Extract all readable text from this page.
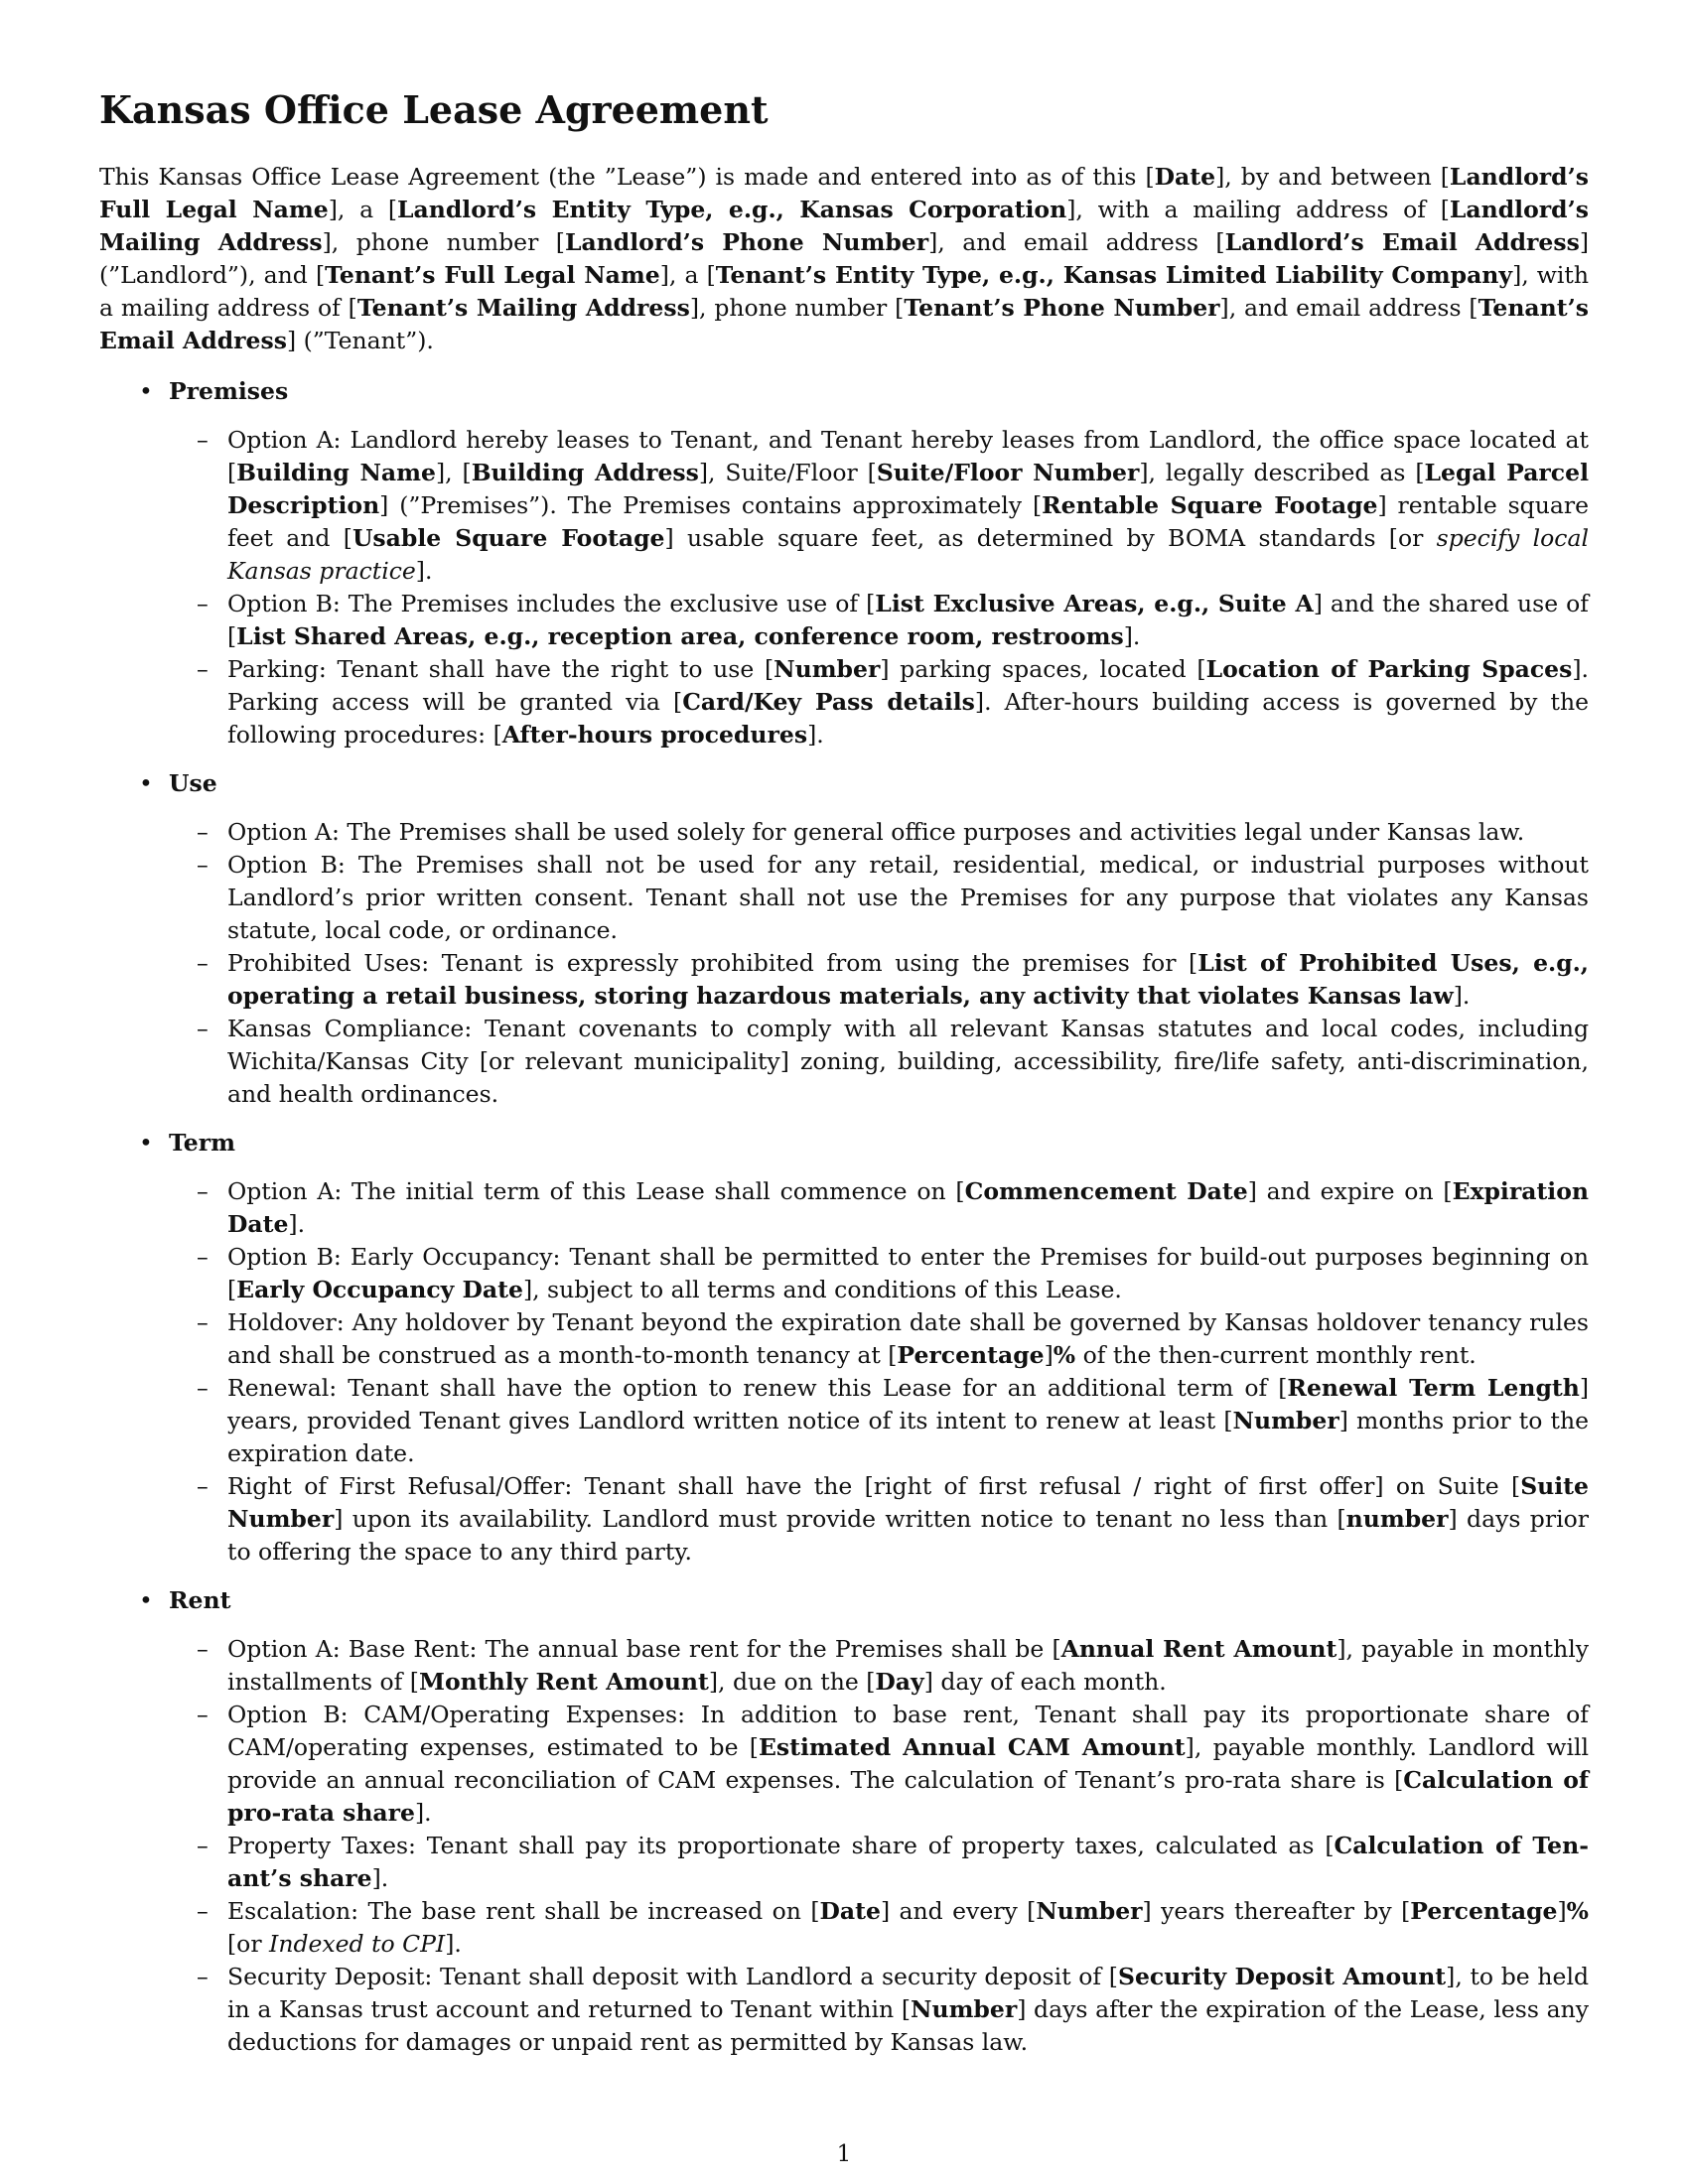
Kansas Office Lease Agreement

This Kansas Office Lease Agreement (the ”Lease”) is made and entered into as of this [Date], by and between [Landlord’s Full Legal Name], a [Landlord’s Entity Type, e.g., Kansas Corporation], with a mailing address of [Landlord’s Mailing Address], phone number [Landlord’s Phone Number], and email address [Landlord’s Email Address] (”Landlord”), and [Tenant’s Full Legal Name], a [Tenant’s Entity Type, e.g., Kansas Limited Liability Company], with a mailing address of [Tenant’s Mailing Address], phone number [Tenant’s Phone Number], and email address [Tenant’s Email Address] (”Tenant”).

• Premises
– Option A: Landlord hereby leases to Tenant, and Tenant hereby leases from Landlord, the office space located at [Building Name], [Building Address], Suite/Floor [Suite/Floor Number], legally described as [Legal Parcel Description] (”Premises”). The Premises contains approximately [Rentable Square Footage] rentable square feet and [Usable Square Footage] usable square feet, as determined by BOMA standards [or specify local Kansas practice].
– Option B: The Premises includes the exclusive use of [List Exclusive Areas, e.g., Suite A] and the shared use of [List Shared Areas, e.g., reception area, conference room, restrooms].
– Parking: Tenant shall have the right to use [Number] parking spaces, located [Location of Parking Spaces]. Parking access will be granted via [Card/Key Pass details]. After-hours building access is governed by the following procedures: [After-hours procedures].
• Use
– Option A: The Premises shall be used solely for general office purposes and activities legal under Kansas law.
– Option B: The Premises shall not be used for any retail, residential, medical, or industrial purposes without Landlord’s prior written consent. Tenant shall not use the Premises for any purpose that violates any Kansas statute, local code, or ordinance.
– Prohibited Uses: Tenant is expressly prohibited from using the premises for [List of Prohibited Uses, e.g., operating a retail business, storing hazardous materials, any activity that violates Kansas law].
– Kansas Compliance: Tenant covenants to comply with all relevant Kansas statutes and local codes, including Wichita/Kansas City [or relevant municipality] zoning, building, accessibility, fire/life safety, anti-discrimination, and health ordinances.
• Term
– Option A: The initial term of this Lease shall commence on [Commencement Date] and expire on [Expiration Date].
– Option B: Early Occupancy: Tenant shall be permitted to enter the Premises for build-out purposes beginning on [Early Occupancy Date], subject to all terms and conditions of this Lease.
– Holdover: Any holdover by Tenant beyond the expiration date shall be governed by Kansas holdover tenancy rules and shall be construed as a month-to-month tenancy at [Percentage]% of the then-current monthly rent.
– Renewal: Tenant shall have the option to renew this Lease for an additional term of [Renewal Term Length] years, provided Tenant gives Landlord written notice of its intent to renew at least [Number] months prior to the expiration date.
– Right of First Refusal/Offer: Tenant shall have the [right of first refusal / right of first offer] on Suite [Suite Number] upon its availability. Landlord must provide written notice to tenant no less than [number] days prior to offering the space to any third party.
• Rent
– Option A: Base Rent: The annual base rent for the Premises shall be [Annual Rent Amount], payable in monthly installments of [Monthly Rent Amount], due on the [Day] day of each month.
– Option B: CAM/Operating Expenses: In addition to base rent, Tenant shall pay its proportionate share of CAM/operating expenses, estimated to be [Estimated Annual CAM Amount], payable monthly. Landlord will provide an annual reconciliation of CAM expenses. The calculation of Tenant’s pro-rata share is [Calculation of pro-rata share].
– Property Taxes: Tenant shall pay its proportionate share of property taxes, calculated as [Calculation of Tenant’s share].
– Escalation: The base rent shall be increased on [Date] and every [Number] years thereafter by [Percentage]% [or Indexed to CPI].
– Security Deposit: Tenant shall deposit with Landlord a security deposit of [Security Deposit Amount], to be held in a Kansas trust account and returned to Tenant within [Number] days after the expiration of the Lease, less any deductions for damages or unpaid rent as permitted by Kansas law.
1
